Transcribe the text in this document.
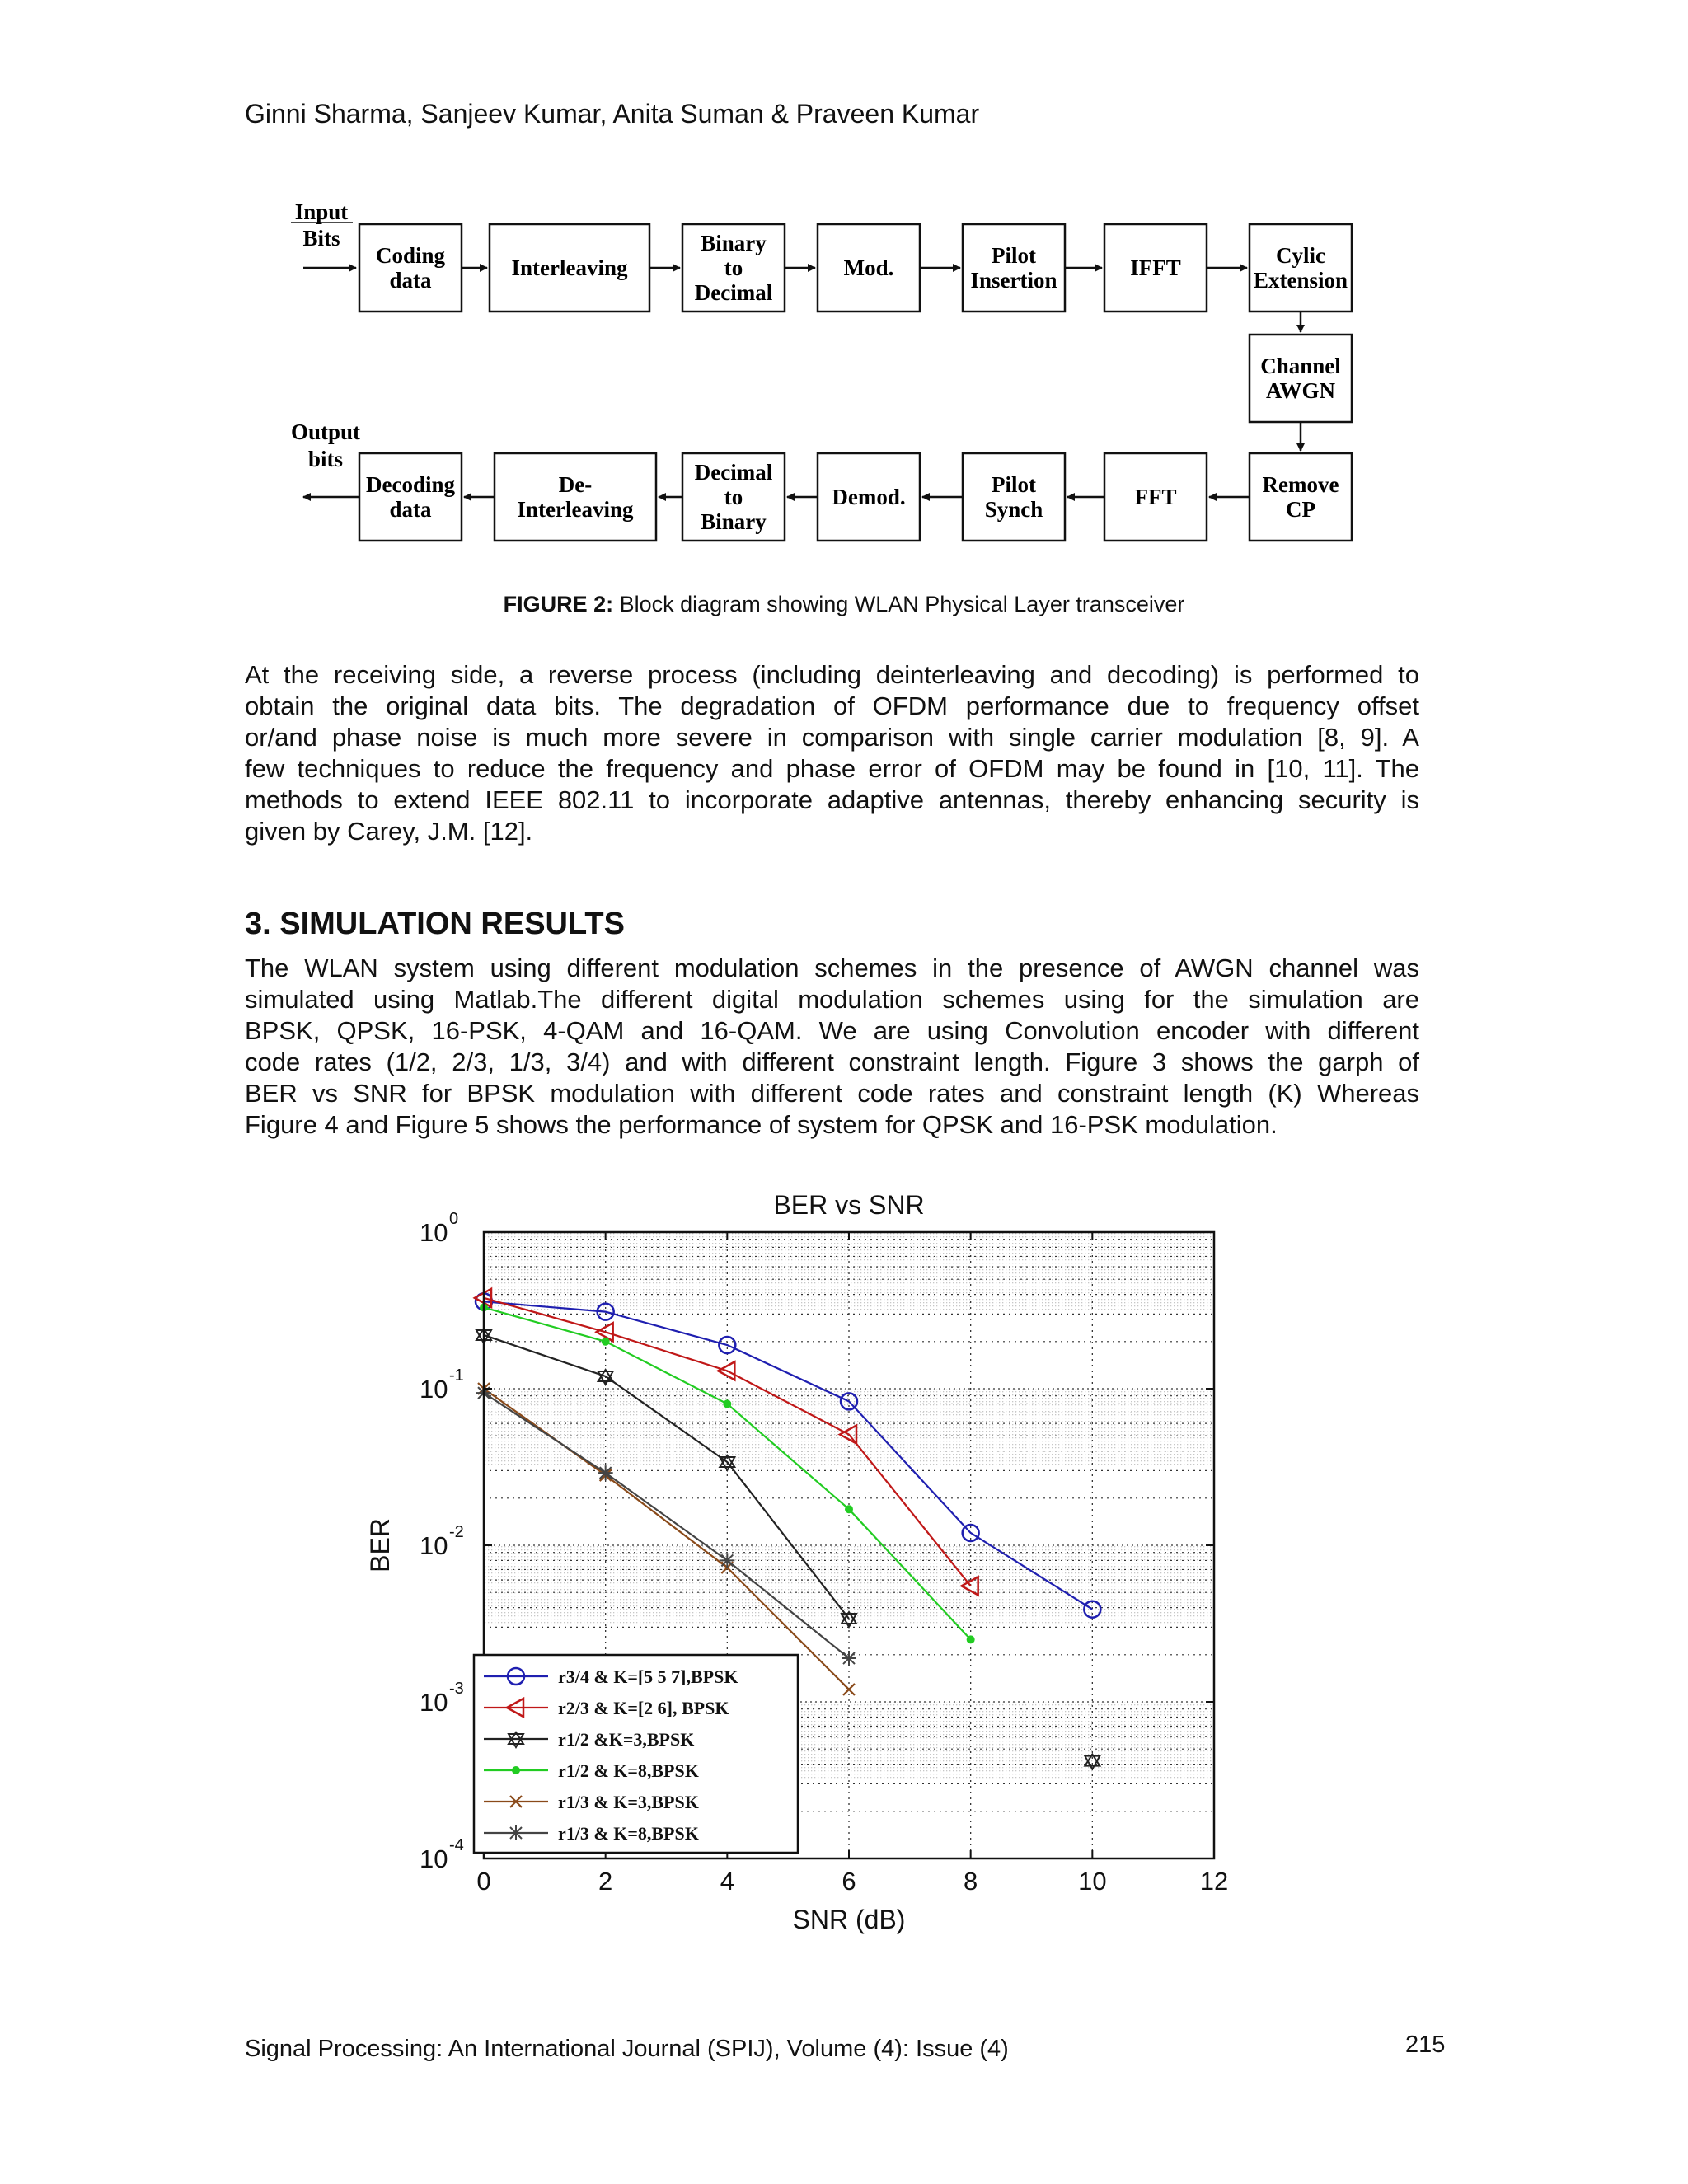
Ginni Sharma, Sanjeev Kumar, Anita Suman & Praveen Kumar
Coding
data	Interleaving
Binary
to
Decimal
Mod.	Pilot
Insertion	IFFT	Cylic
Extension
Channel
AWGN
Remove
CP
FFT
Pilot
Synch
Demod.
Decimal
to
Binary
De-
Interleaving
Decoding
data
Input
Bits
Output
bits
FIGURE 2: Block diagram showing WLAN Physical Layer transceiver
At the receiving side, a reverse process (including deinterleaving and decoding) is performed to
obtain the original data bits. The degradation of OFDM performance due to frequency offset
or/and phase noise is much more severe in comparison with single carrier modulation [8, 9]. A
few techniques to reduce the frequency and phase error of OFDM may be found in [10, 11]. The
methods to extend IEEE 802.11 to incorporate adaptive antennas, thereby enhancing security is
given by Carey, J.M. [12].
3. SIMULATION RESULTS
The WLAN system using different modulation schemes in the presence of AWGN channel was
simulated using Matlab.The different digital modulation schemes using for the simulation are
BPSK, QPSK, 16-PSK, 4-QAM and 16-QAM. We are using Convolution encoder with different
code rates (1/2, 2/3, 1/3, 3/4) and with different constraint length. Figure 3 shows the garph of
BER vs SNR for BPSK modulation with different code rates and constraint length (K) Whereas
Figure 4 and Figure 5 shows the performance of system for QPSK and 16-PSK modulation.
0	2	4	6	8	10	12
10 0
10 -1
10 -2
10 -3
10 -4
BER vs SNR
SNR (dB)
BER
r3/4 & K=[5 5 7],BPSK
r2/3 & K=[2 6], BPSK
r1/2 &K=3,BPSK
r1/2 & K=8,BPSK
r1/3 & K=3,BPSK
r1/3 & K=8,BPSK
Signal Processing: An International Journal (SPIJ), Volume (4): Issue (4)	215
